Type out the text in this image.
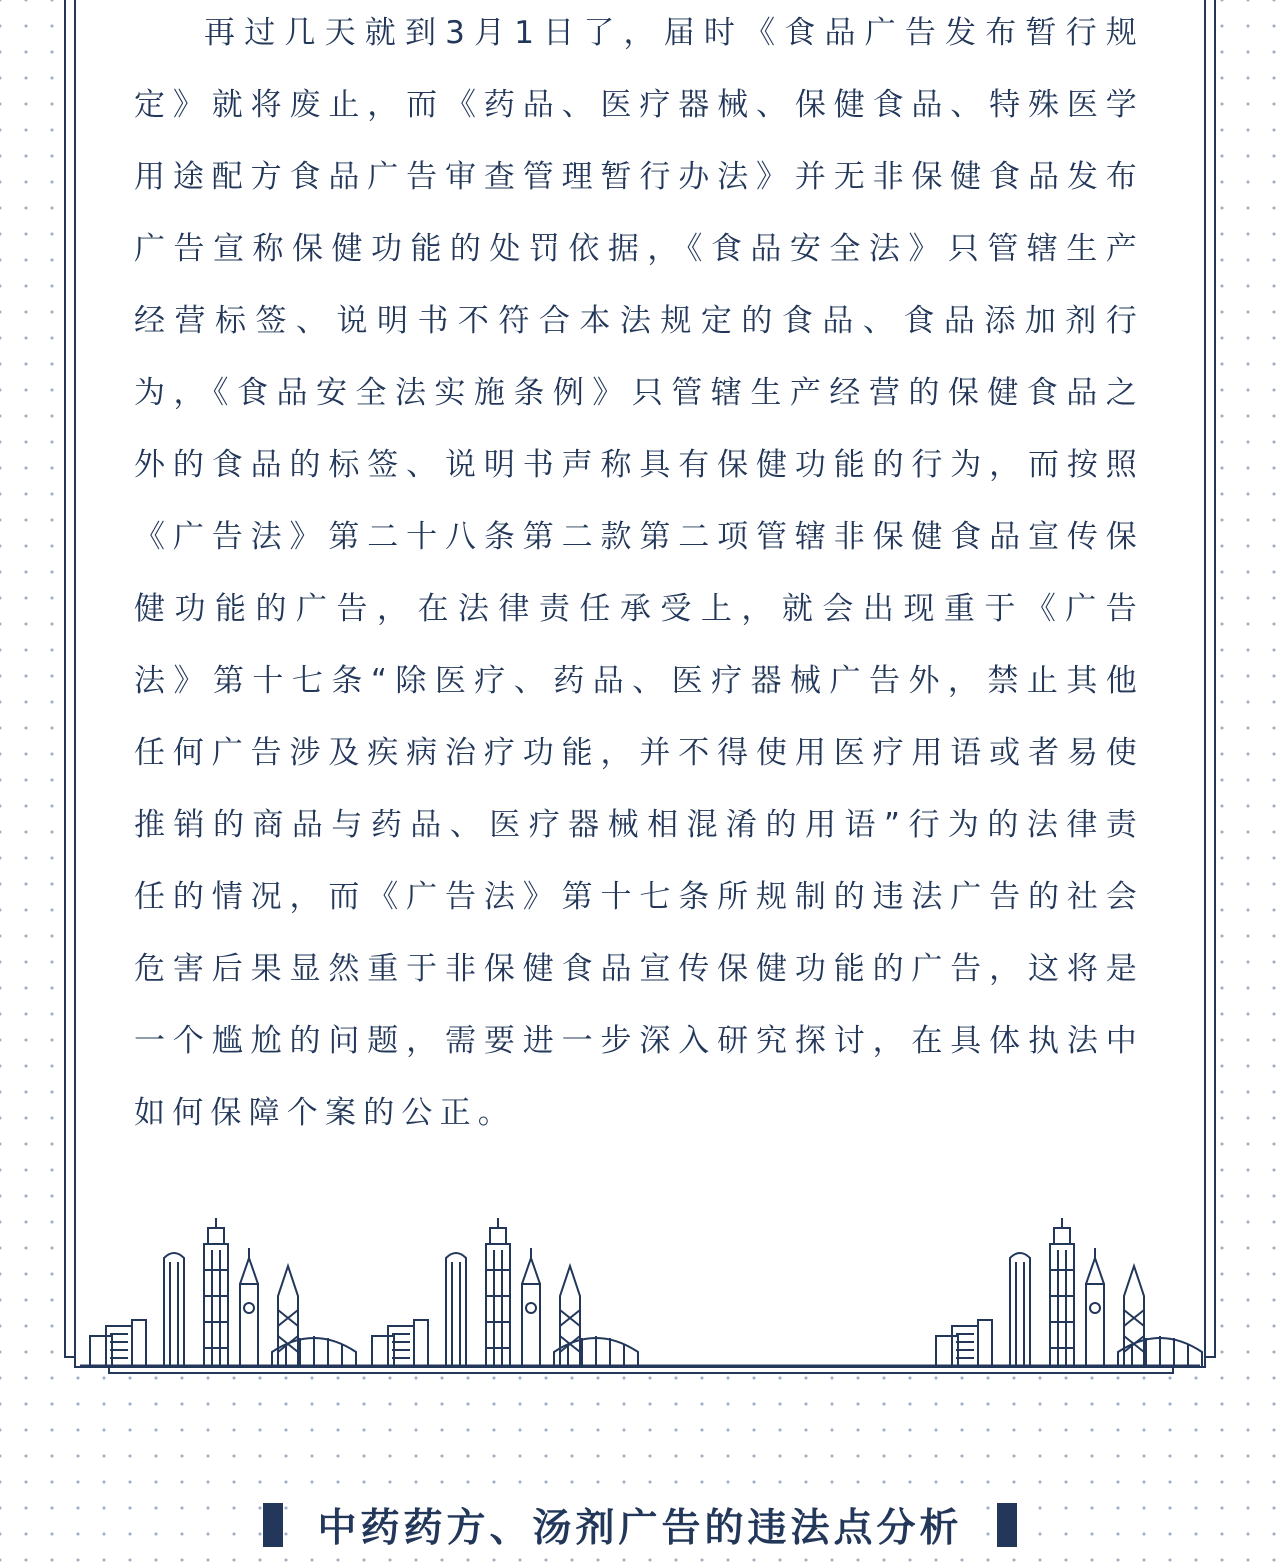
再过几天就到3月1日了，届时《食品广告发布暂行规定》就将废止，而《药品、医疗器械、保健食品、特殊医学用途配方食品广告审查管理暂行办法》并无非保健食品发布广告宣称保健功能的处罚依据，《食品安全法》只管辖生产经营标签、说明书不符合本法规定的食品、食品添加剂行为，《食品安全法实施条例》只管辖生产经营的保健食品之外的食品的标签、说明书声称具有保健功能的行为，而按照《广告法》第二十八条第二款第二项管辖非保健食品宣传保健功能的广告，在法律责任承受上，就会出现重于《广告法》第十七条“除医疗、药品、医疗器械广告外，禁止其他任何广告涉及疾病治疗功能，并不得使用医疗用语或者易使推销的商品与药品、医疗器械相混淆的用语”行为的法律责任的情况，而《广告法》第十七条所规制的违法广告的社会危害后果显然重于非保健食品宣传保健功能的广告，这将是一个尴尬的问题，需要进一步深入研究探讨，在具体执法中如何保障个案的公正。

中药药方、汤剂广告的违法点分析
